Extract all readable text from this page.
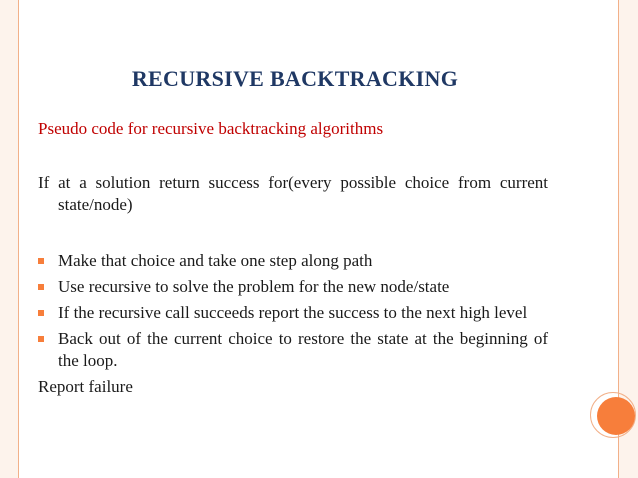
RECURSIVE BACKTRACKING
Pseudo code for recursive backtracking algorithms

If at a solution return success for(every possible choice from current state/node)

Make that choice and take one step along path
Use recursive to solve the problem for the new node/state
If the recursive call succeeds report the success to the next high level
Back out of the current choice to restore the state at the beginning of the loop.

Report failure
